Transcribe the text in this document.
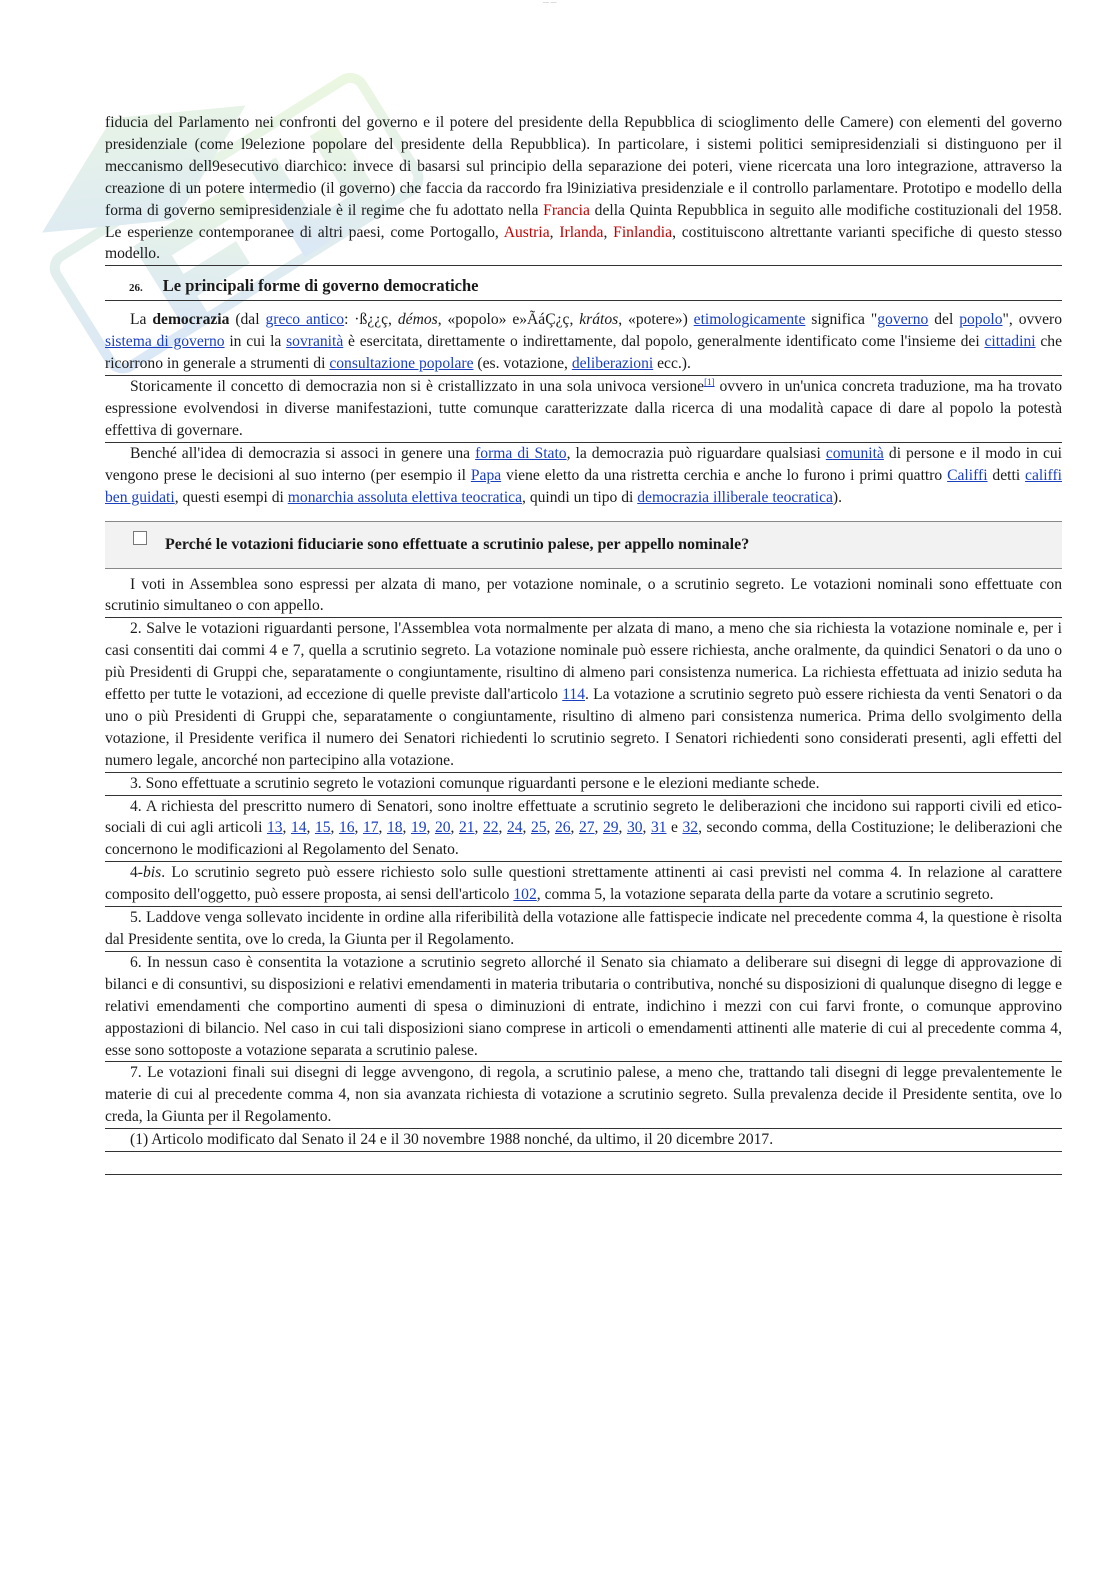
— —

fiducia del Parlamento nei confronti del governo e il potere del presidente della Repubblica di scioglimento delle Camere) con elementi del governo presidenziale (come l9elezione popolare del presidente della Repubblica). In particolare, i sistemi politici semipresidenziali si distinguono per il meccanismo dell9esecutivo diarchico: invece di basarsi sul principio della separazione dei poteri, viene ricercata una loro integrazione, attraverso la creazione di un potere intermedio (il governo) che faccia da raccordo fra l9iniziativa presidenziale e il controllo parlamentare. Prototipo e modello della forma di governo semipresidenziale è il regime che fu adottato nella Francia della Quinta Repubblica in seguito alle modifiche costituzionali del 1958. Le esperienze contemporanee di altri paesi, come Portogallo, Austria, Irlanda, Finlandia, costituiscono altrettante varianti specifiche di questo stesso modello.

26. Le principali forme di governo democratiche

La democrazia (dal greco antico: ·ß¿¿ç, démos, «popolo» e»ÃáÇ¿ç, krátos, «potere») etimologicamente significa "governo del popolo", ovvero sistema di governo in cui la sovranità è esercitata, direttamente o indirettamente, dal popolo, generalmente identificato come l'insieme dei cittadini che ricorrono in generale a strumenti di consultazione popolare (es. votazione, deliberazioni ecc.).

Storicamente il concetto di democrazia non si è cristallizzato in una sola univoca versione[1] ovvero in un'unica concreta traduzione, ma ha trovato espressione evolvendosi in diverse manifestazioni, tutte comunque caratterizzate dalla ricerca di una modalità capace di dare al popolo la potestà effettiva di governare.

Benché all'idea di democrazia si associ in genere una forma di Stato, la democrazia può riguardare qualsiasi comunità di persone e il modo in cui vengono prese le decisioni al suo interno (per esempio il Papa viene eletto da una ristretta cerchia e anche lo furono i primi quattro Califfi detti califfi ben guidati, questi esempi di monarchia assoluta elettiva teocratica, quindi un tipo di democrazia illiberale teocratica).

Perché le votazioni fiduciarie sono effettuate a scrutinio palese, per appello nominale?

I voti in Assemblea sono espressi per alzata di mano, per votazione nominale, o a scrutinio segreto. Le votazioni nominali sono effettuate con scrutinio simultaneo o con appello.

2. Salve le votazioni riguardanti persone, l'Assemblea vota normalmente per alzata di mano, a meno che sia richiesta la votazione nominale e, per i casi consentiti dai commi 4 e 7, quella a scrutinio segreto. La votazione nominale può essere richiesta, anche oralmente, da quindici Senatori o da uno o più Presidenti di Gruppi che, separatamente o congiuntamente, risultino di almeno pari consistenza numerica. La richiesta effettuata ad inizio seduta ha effetto per tutte le votazioni, ad eccezione di quelle previste dall'articolo 114. La votazione a scrutinio segreto può essere richiesta da venti Senatori o da uno o più Presidenti di Gruppi che, separatamente o congiuntamente, risultino di almeno pari consistenza numerica. Prima dello svolgimento della votazione, il Presidente verifica il numero dei Senatori richiedenti lo scrutinio segreto. I Senatori richiedenti sono considerati presenti, agli effetti del numero legale, ancorché non partecipino alla votazione.

3. Sono effettuate a scrutinio segreto le votazioni comunque riguardanti persone e le elezioni mediante schede.

4. A richiesta del prescritto numero di Senatori, sono inoltre effettuate a scrutinio segreto le deliberazioni che incidono sui rapporti civili ed etico-sociali di cui agli articoli 13, 14, 15, 16, 17, 18, 19, 20, 21, 22, 24, 25, 26, 27, 29, 30, 31 e 32, secondo comma, della Costituzione; le deliberazioni che concernono le modificazioni al Regolamento del Senato.

4-bis. Lo scrutinio segreto può essere richiesto solo sulle questioni strettamente attinenti ai casi previsti nel comma 4. In relazione al carattere composito dell'oggetto, può essere proposta, ai sensi dell'articolo 102, comma 5, la votazione separata della parte da votare a scrutinio segreto.

5. Laddove venga sollevato incidente in ordine alla riferibilità della votazione alle fattispecie indicate nel precedente comma 4, la questione è risolta dal Presidente sentita, ove lo creda, la Giunta per il Regolamento.

6. In nessun caso è consentita la votazione a scrutinio segreto allorché il Senato sia chiamato a deliberare sui disegni di legge di approvazione di bilanci e di consuntivi, su disposizioni e relativi emendamenti in materia tributaria o contributiva, nonché su disposizioni di qualunque disegno di legge e relativi emendamenti che comportino aumenti di spesa o diminuzioni di entrate, indichino i mezzi con cui farvi fronte, o comunque approvino appostazioni di bilancio. Nel caso in cui tali disposizioni siano comprese in articoli o emendamenti attinenti alle materie di cui al precedente comma 4, esse sono sottoposte a votazione separata a scrutinio palese.

7. Le votazioni finali sui disegni di legge avvengono, di regola, a scrutinio palese, a meno che, trattando tali disegni di legge prevalentemente le materie di cui al precedente comma 4, non sia avanzata richiesta di votazione a scrutinio segreto. Sulla prevalenza decide il Presidente sentita, ove lo creda, la Giunta per il Regolamento.

(1) Articolo modificato dal Senato il 24 e il 30 novembre 1988 nonché, da ultimo, il 20 dicembre 2017.
